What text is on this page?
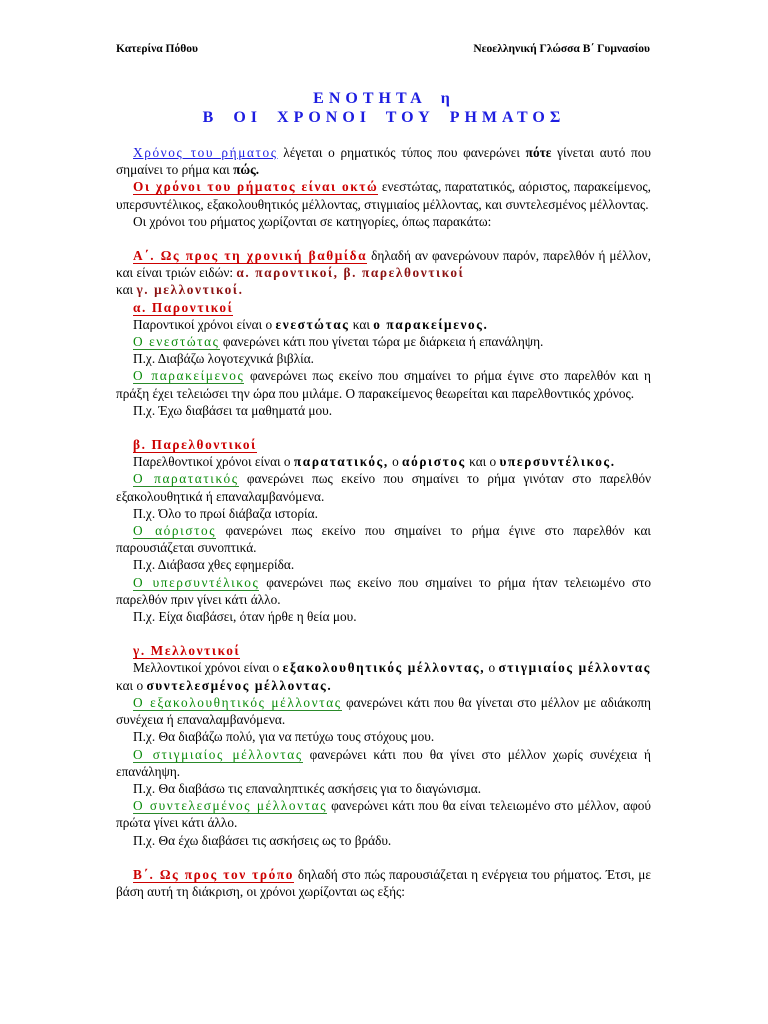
Κατερίνα Πόθου	Νεοελληνική Γλώσσα Β΄ Γυμνασίου
ΕΝΟΤΗΤΑ η
Β ΟΙ ΧΡΟΝΟΙ ΤΟΥ ΡΗΜΑΤΟΣ

Χρόνος του ρήματος λέγεται ο ρηματικός τύπος που φανερώνει πότε γίνεται αυτό που σημαίνει το ρήμα και πώς.

Οι χρόνοι του ρήματος είναι οκτώ ενεστώτας, παρατατικός, αόριστος, παρακείμενος, υπερσυντέλικος, εξακολουθητικός μέλλοντας, στιγμιαίος μέλλοντας, και συντελεσμένος μέλλοντας.

Οι χρόνοι του ρήματος χωρίζονται σε κατηγορίες, όπως παρακάτω:

Α΄. Ως προς τη χρονική βαθμίδα δηλαδή αν φανερώνουν παρόν, παρελθόν ή μέλλον, και είναι τριών ειδών: α. παροντικοί, β. παρελθοντικοί
και γ. μελλοντικοί.

α. Παροντικοί

Παροντικοί χρόνοι είναι ο ενεστώτας και ο παρακείμενος.

Ο ενεστώτας φανερώνει κάτι που γίνεται τώρα με διάρκεια ή επανάληψη.

Π.χ. Διαβάζω λογοτεχνικά βιβλία.

Ο παρακείμενος φανερώνει πως εκείνο που σημαίνει το ρήμα έγινε στο παρελθόν και η πράξη έχει τελειώσει την ώρα που μιλάμε. Ο παρακείμενος θεωρείται και παρελθοντικός χρόνος.

Π.χ. Έχω διαβάσει τα μαθηματά μου.

β. Παρελθοντικοί

Παρελθοντικοί χρόνοι είναι ο παρατατικός, ο αόριστος και ο υπερσυντέλικος.

Ο παρατατικός φανερώνει πως εκείνο που σημαίνει το ρήμα γινόταν στο παρελθόν εξακολουθητικά ή επαναλαμβανόμενα.

Π.χ. Όλο το πρωί διάβαζα ιστορία.

Ο αόριστος φανερώνει πως εκείνο που σημαίνει το ρήμα έγινε στο παρελθόν και παρουσιάζεται συνοπτικά.

Π.χ. Διάβασα χθες εφημερίδα.

Ο υπερσυντέλικος φανερώνει πως εκείνο που σημαίνει το ρήμα ήταν τελειωμένο στο παρελθόν πριν γίνει κάτι άλλο.

Π.χ. Είχα διαβάσει, όταν ήρθε η θεία μου.

γ. Μελλοντικοί

Μελλοντικοί χρόνοι είναι ο εξακολουθητικός μέλλοντας, ο στιγμιαίος μέλλοντας και ο συντελεσμένος μέλλοντας.

Ο εξακολουθητικός μέλλοντας φανερώνει κάτι που θα γίνεται στο μέλλον με αδιάκοπη συνέχεια ή επαναλαμβανόμενα.

Π.χ. Θα διαβάζω πολύ, για να πετύχω τους στόχους μου.

Ο στιγμιαίος μέλλοντας φανερώνει κάτι που θα γίνει στο μέλλον χωρίς συνέχεια ή επανάληψη.

Π.χ. Θα διαβάσω τις επαναληπτικές ασκήσεις για το διαγώνισμα.

Ο συντελεσμένος μέλλοντας φανερώνει κάτι που θα είναι τελειωμένο στο μέλλον, αφού πρώτα γίνει κάτι άλλο.

Π.χ. Θα έχω διαβάσει τις ασκήσεις ως το βράδυ.

Β΄. Ως προς τον τρόπο δηλαδή στο πώς παρουσιάζεται η ενέργεια του ρήματος. Έτσι, με βάση αυτή τη διάκριση, οι χρόνοι χωρίζονται ως εξής:
